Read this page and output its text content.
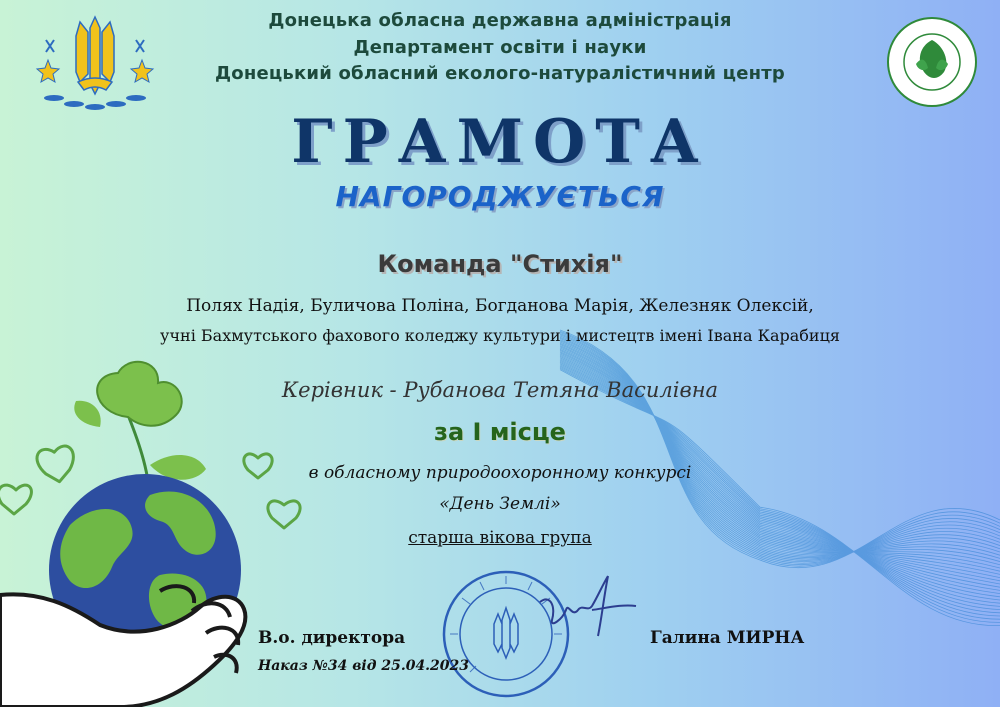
Донецька обласна державна адміністрація
Департамент освіти і науки
Донецький обласний еколого-натуралістичний центр
ГРАМОТА
НАГОРОДЖУЄТЬСЯ
Команда "Стихія"
Полях Надія, Буличова Поліна, Богданова Марія, Железняк Олексій,
учні Бахмутського фахового коледжу культури і мистецтв імені Івана Карабиця
Керівник - Рубанова Тетяна Василівна
за I місце
в обласному природоохоронному конкурсі
«День Землі»
старша вікова група
В.о. директора	Галина МИРНА
Наказ №34 від 25.04.2023
